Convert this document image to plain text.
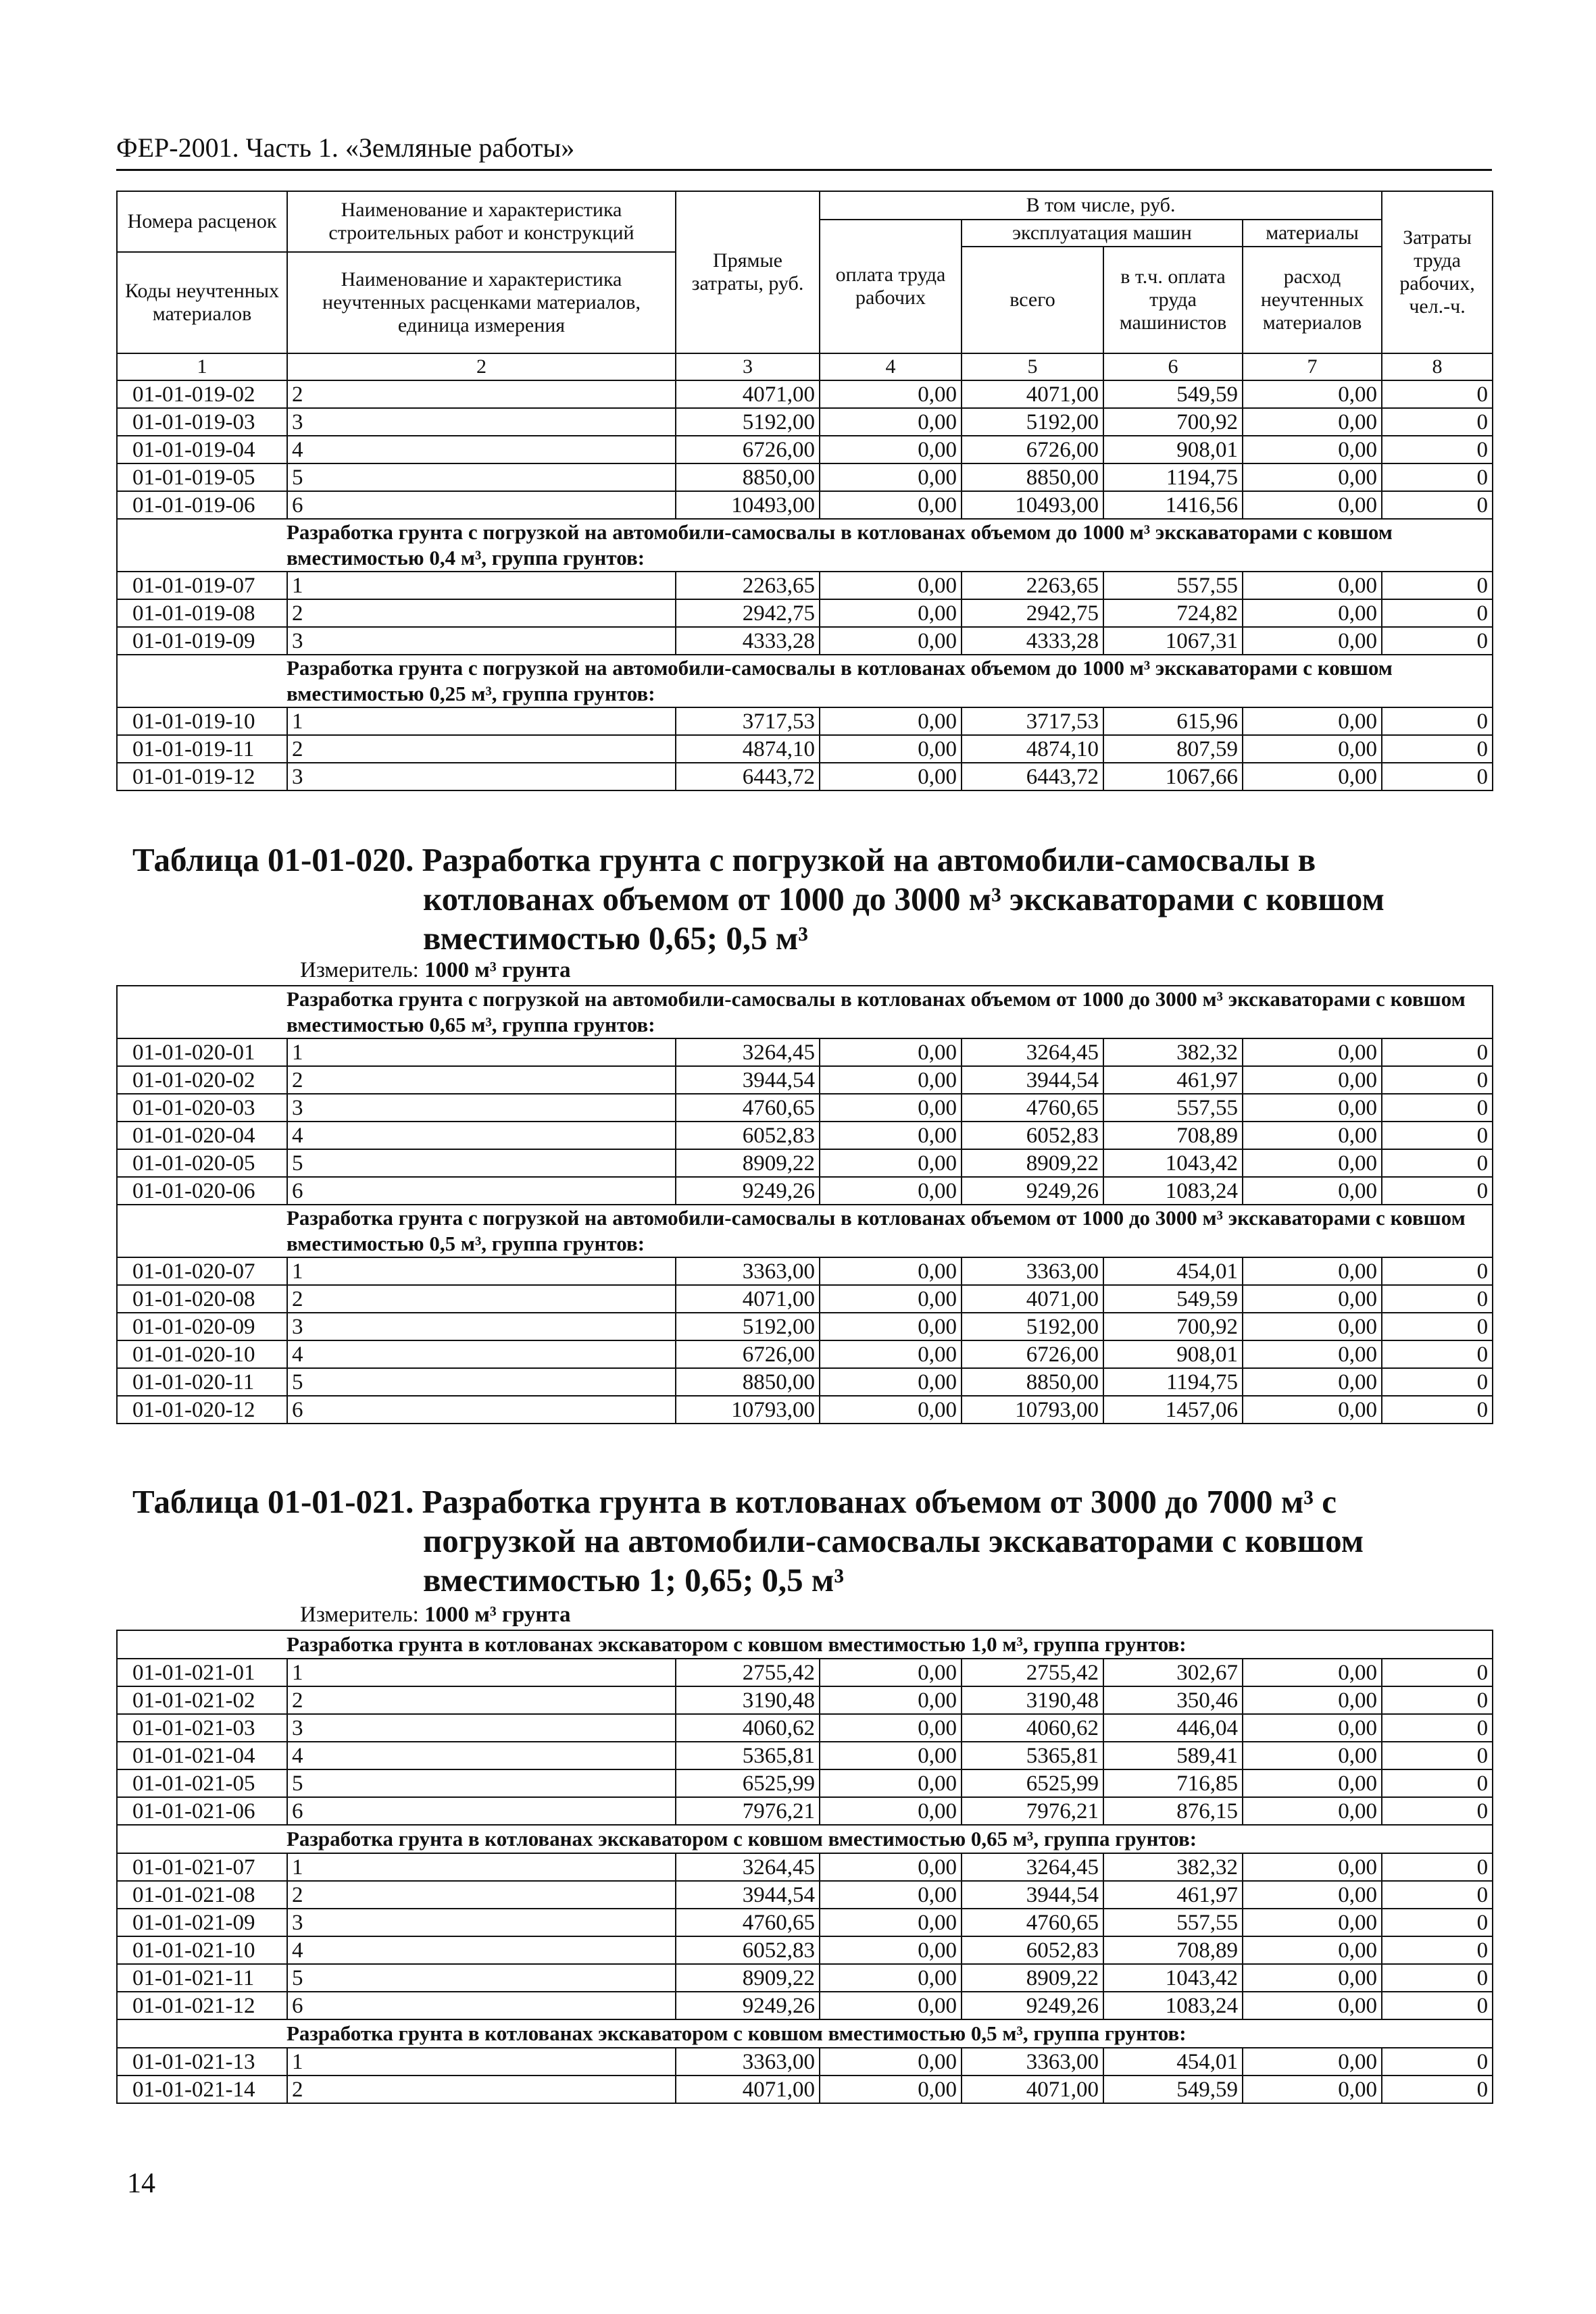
ФЕР-2001. Часть 1. «Земляные работы»
Номера расценок	Наименование и характеристика строительных работ и конструкций	Прямые затраты, руб.	В том числе, руб.				Затраты труда рабочих, чел.-ч.
			оплата труда рабочих	эксплуатация машин		материалы	
				всего	в т.ч. оплата труда машинистов	расход неучтенных материалов	
Коды неучтенных материалов	Наименование и характеристика неучтенных расценками материалов, единица измерения						

1	2	3	4	5	6	7	8
01-01-019-02	2	4071,00	0,00	4071,00	549,59	0,00	0
01-01-019-03	3	5192,00	0,00	5192,00	700,92	0,00	0
01-01-019-04	4	6726,00	0,00	6726,00	908,01	0,00	0
01-01-019-05	5	8850,00	0,00	8850,00	1194,75	0,00	0
01-01-019-06	6	10493,00	0,00	10493,00	1416,56	0,00	0
Разработка грунта с погрузкой на автомобили-самосвалы в котлованах объемом до 1000 м³ экскаваторами с ковшом вместимостью 0,4 м³, группа грунтов:							
01-01-019-07	1	2263,65	0,00	2263,65	557,55	0,00	0
01-01-019-08	2	2942,75	0,00	2942,75	724,82	0,00	0
01-01-019-09	3	4333,28	0,00	4333,28	1067,31	0,00	0
Разработка грунта с погрузкой на автомобили-самосвалы в котлованах объемом до 1000 м³ экскаваторами с ковшом вместимостью 0,25 м³, группа грунтов:							
01-01-019-10	1	3717,53	0,00	3717,53	615,96	0,00	0
01-01-019-11	2	4874,10	0,00	4874,10	807,59	0,00	0
01-01-019-12	3	6443,72	0,00	6443,72	1067,66	0,00	0
Таблица 01-01-020. Разработка грунта с погрузкой на автомобили-самосвалы в
котлованах объемом от 1000 до 3000 м³ экскаваторами с ковшом вместимостью 0,65; 0,5 м³
Измеритель: 1000 м³ грунта
Разработка грунта с погрузкой на автомобили-самосвалы в котлованах объемом от 1000 до 3000 м³ экскаваторами с ковшом вместимостью 0,65 м³, группа грунтов:							
01-01-020-01	1	3264,45	0,00	3264,45	382,32	0,00	0
01-01-020-02	2	3944,54	0,00	3944,54	461,97	0,00	0
01-01-020-03	3	4760,65	0,00	4760,65	557,55	0,00	0
01-01-020-04	4	6052,83	0,00	6052,83	708,89	0,00	0
01-01-020-05	5	8909,22	0,00	8909,22	1043,42	0,00	0
01-01-020-06	6	9249,26	0,00	9249,26	1083,24	0,00	0
Разработка грунта с погрузкой на автомобили-самосвалы в котлованах объемом от 1000 до 3000 м³ экскаваторами с ковшом вместимостью 0,5 м³, группа грунтов:							
01-01-020-07	1	3363,00	0,00	3363,00	454,01	0,00	0
01-01-020-08	2	4071,00	0,00	4071,00	549,59	0,00	0
01-01-020-09	3	5192,00	0,00	5192,00	700,92	0,00	0
01-01-020-10	4	6726,00	0,00	6726,00	908,01	0,00	0
01-01-020-11	5	8850,00	0,00	8850,00	1194,75	0,00	0
01-01-020-12	6	10793,00	0,00	10793,00	1457,06	0,00	0
Таблица 01-01-021. Разработка грунта в котлованах объемом от 3000 до 7000 м³ с
погрузкой на автомобили-самосвалы экскаваторами с ковшом вместимостью 1; 0,65; 0,5 м³
Измеритель: 1000 м³ грунта
Разработка грунта в котлованах экскаватором с ковшом вместимостью 1,0 м³, группа грунтов:							
01-01-021-01	1	2755,42	0,00	2755,42	302,67	0,00	0
01-01-021-02	2	3190,48	0,00	3190,48	350,46	0,00	0
01-01-021-03	3	4060,62	0,00	4060,62	446,04	0,00	0
01-01-021-04	4	5365,81	0,00	5365,81	589,41	0,00	0
01-01-021-05	5	6525,99	0,00	6525,99	716,85	0,00	0
01-01-021-06	6	7976,21	0,00	7976,21	876,15	0,00	0
Разработка грунта в котлованах экскаватором с ковшом вместимостью 0,65 м³, группа грунтов:							
01-01-021-07	1	3264,45	0,00	3264,45	382,32	0,00	0
01-01-021-08	2	3944,54	0,00	3944,54	461,97	0,00	0
01-01-021-09	3	4760,65	0,00	4760,65	557,55	0,00	0
01-01-021-10	4	6052,83	0,00	6052,83	708,89	0,00	0
01-01-021-11	5	8909,22	0,00	8909,22	1043,42	0,00	0
01-01-021-12	6	9249,26	0,00	9249,26	1083,24	0,00	0
Разработка грунта в котлованах экскаватором с ковшом вместимостью 0,5 м³, группа грунтов:							
01-01-021-13	1	3363,00	0,00	3363,00	454,01	0,00	0
01-01-021-14	2	4071,00	0,00	4071,00	549,59	0,00	0
14
